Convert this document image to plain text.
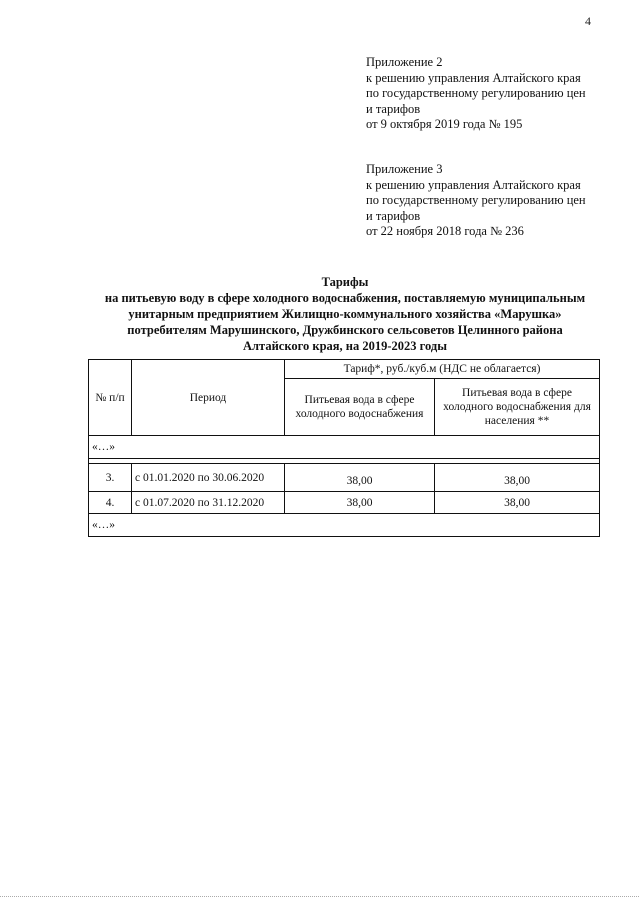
4
Приложение 2
к решению управления Алтайского края
по государственному регулированию цен
и тарифов
от 9 октября 2019 года № 195
Приложение 3
к решению управления Алтайского края
по государственному регулированию цен
и тарифов
от 22 ноября 2018 года № 236
Тарифы
на питьевую воду в сфере холодного водоснабжения, поставляемую муниципальным
унитарным предприятием Жилищно-коммунального хозяйства «Марушка»
потребителям Марушинского, Дружбинского сельсоветов Целинного района
Алтайского края, на 2019-2023 годы
№ п/п	Период	Тариф*, руб./куб.м (НДС не облагается)	
		Питьевая вода в сфере холодного водоснабжения	Питьевая вода в сфере холодного водоснабжения для населения **
«…»			

3.	с 01.01.2020 по 30.06.2020	38,00	38,00
4.	с 01.07.2020 по 31.12.2020	38,00	38,00
«…»			
